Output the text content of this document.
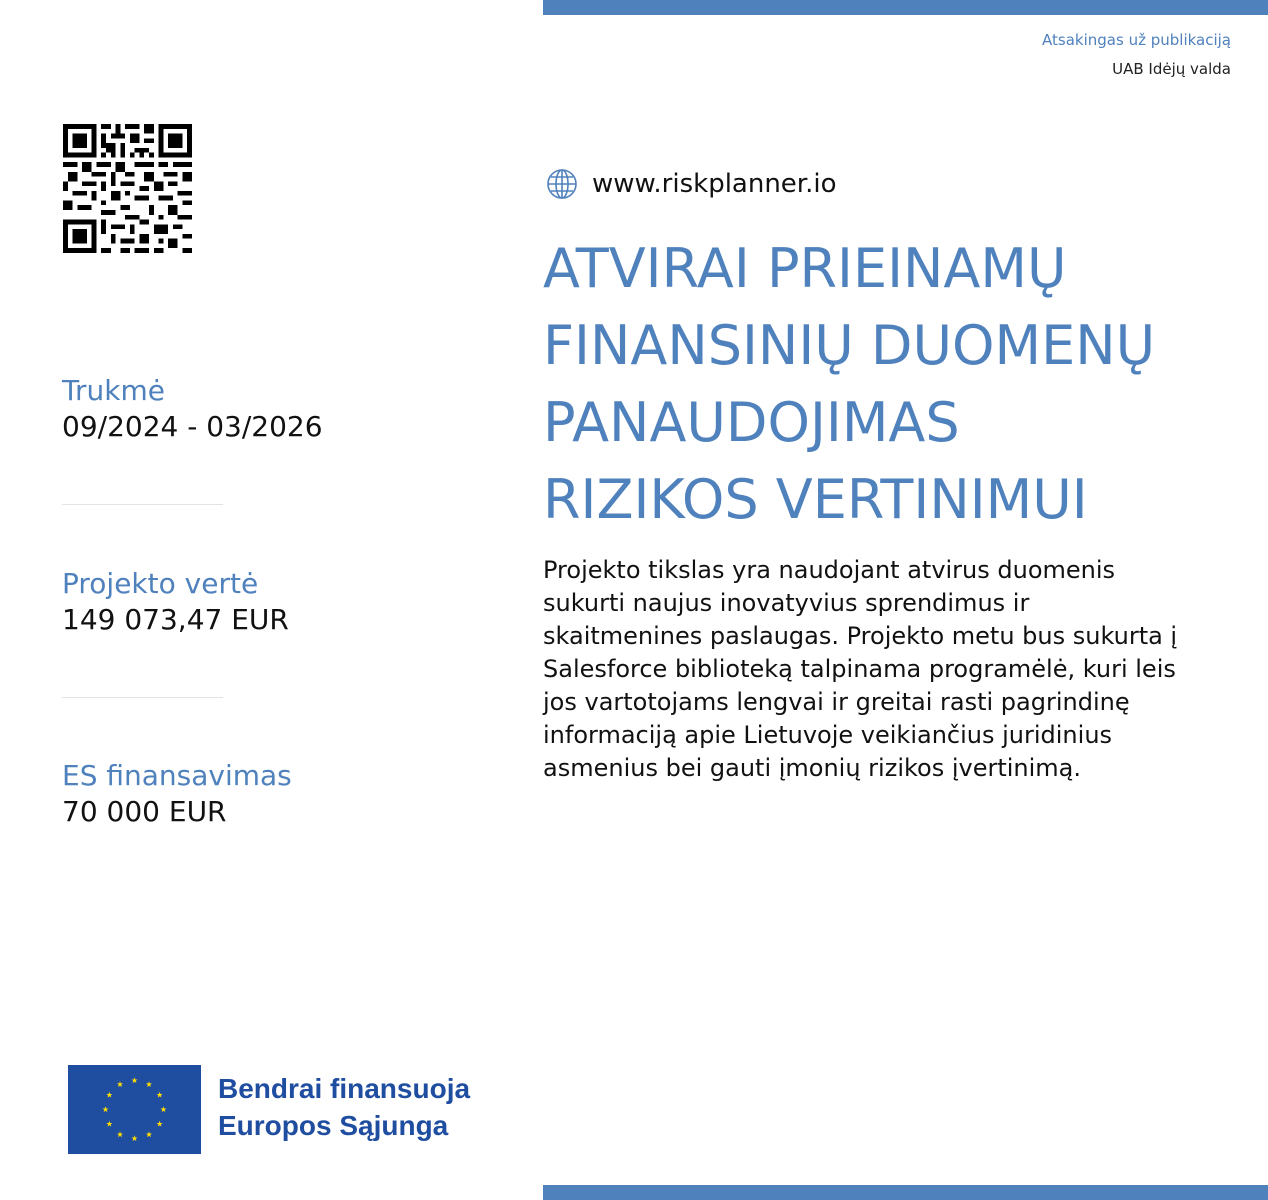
Atsakingas už publikaciją
UAB Idėjų valda
Trukmė
09/2024 - 03/2026
Projekto vertė
149 073,47 EUR
ES finansavimas
70 000 EUR
www.riskplanner.io
ATVIRAI PRIEINAMŲ
FINANSINIŲ DUOMENŲ
PANAUDOJIMAS
RIZIKOS VERTINIMUI
Projekto tikslas yra naudojant atvirus duomenis
sukurti naujus inovatyvius sprendimus ir
skaitmenines paslaugas. Projekto metu bus sukurta į
Salesforce biblioteką talpinama programėlė, kuri leis
jos vartotojams lengvai ir greitai rasti pagrindinę
informaciją apie Lietuvoje veikiančius juridinius
asmenius bei gauti įmonių rizikos įvertinimą.
Bendrai finansuoja
Europos Sąjunga
